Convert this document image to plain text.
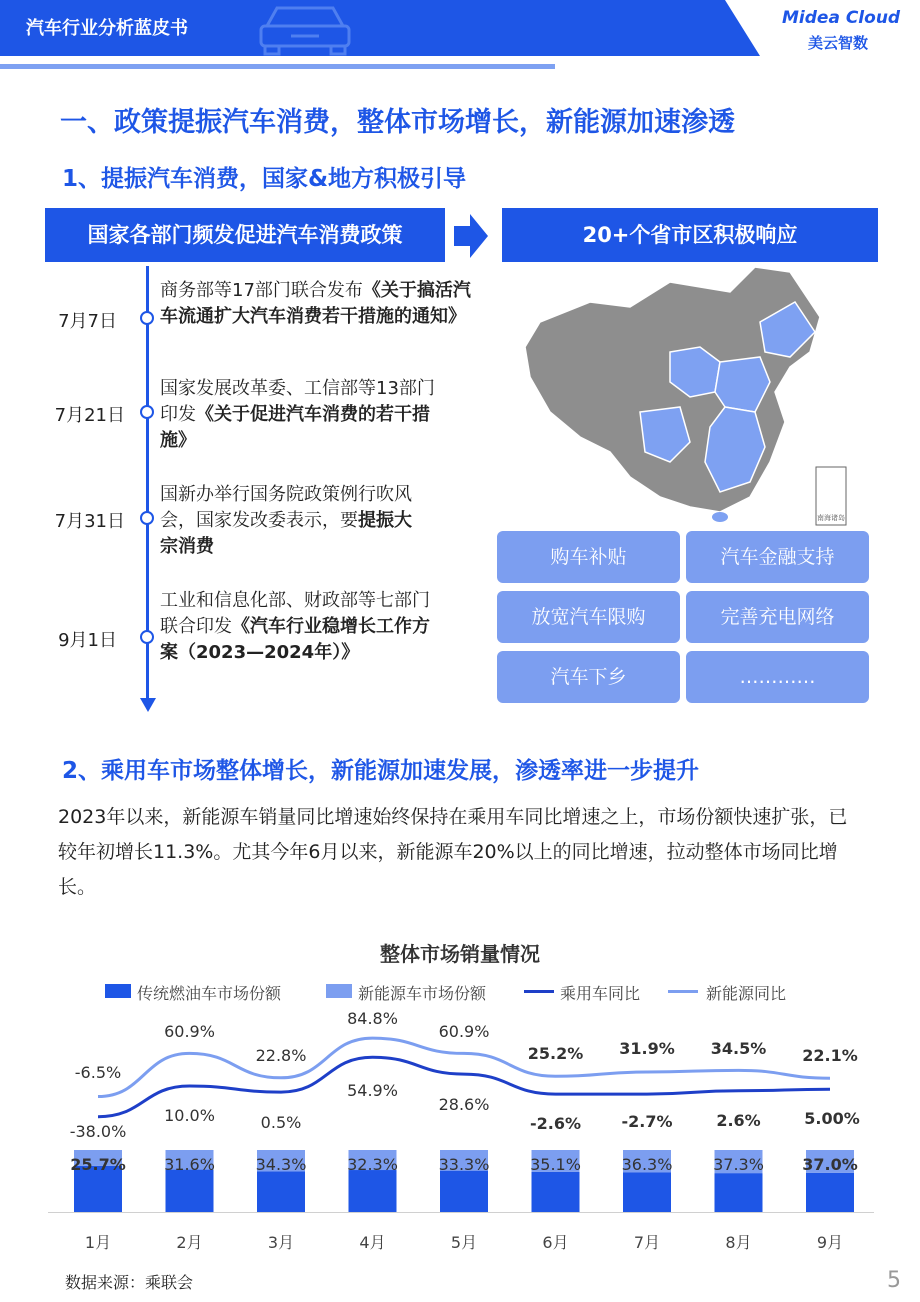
汽车行业分析蓝皮书	Midea Cloud
美云智数
一、政策提振汽车消费，整体市场增长，新能源加速渗透
1、提振汽车消费，国家&地方积极引导
国家各部门频发促进汽车消费政策	20+个省市区积极响应
7月7日
商务部等17部门联合发布《关于搞活汽车流通扩大汽车消费若干措施的通知》
7月21日
国家发展改革委、工信部等13部门印发《关于促进汽车消费的若干措施》
7月31日
国新办举行国务院政策例行吹风会，国家发改委表示，要提振大宗消费
9月1日
工业和信息化部、财政部等七部门联合印发《汽车行业稳增长工作方案（2023—2024年）》
南海诸岛
购车补贴	汽车金融支持
放宽汽车限购	完善充电网络
汽车下乡	…………
2、乘用车市场整体增长，新能源加速发展，渗透率进一步提升
2023年以来，新能源车销量同比增速始终保持在乘用车同比增速之上，市场份额快速扩张，已较年初增长11.3%。尤其今年6月以来，新能源车20%以上的同比增速，拉动整体市场同比增长。
整体市场销量情况
传统燃油车市场份额	新能源车市场份额	乘用车同比	新能源同比
25.7%
1月
31.6%
2月
34.3%
3月
32.3%
4月
33.3%
5月
35.1%
6月
36.3%
7月
37.3%
8月
37.0%
9月
-6.5%
60.9%
22.8%
84.8%
60.9%
25.2% 31.9% 34.5% 22.1%
-38.0%
10.0%	0.5%
54.9%
28.6%
-2.6%	-2.7%	2.6%	5.00%
数据来源：乘联会	5
